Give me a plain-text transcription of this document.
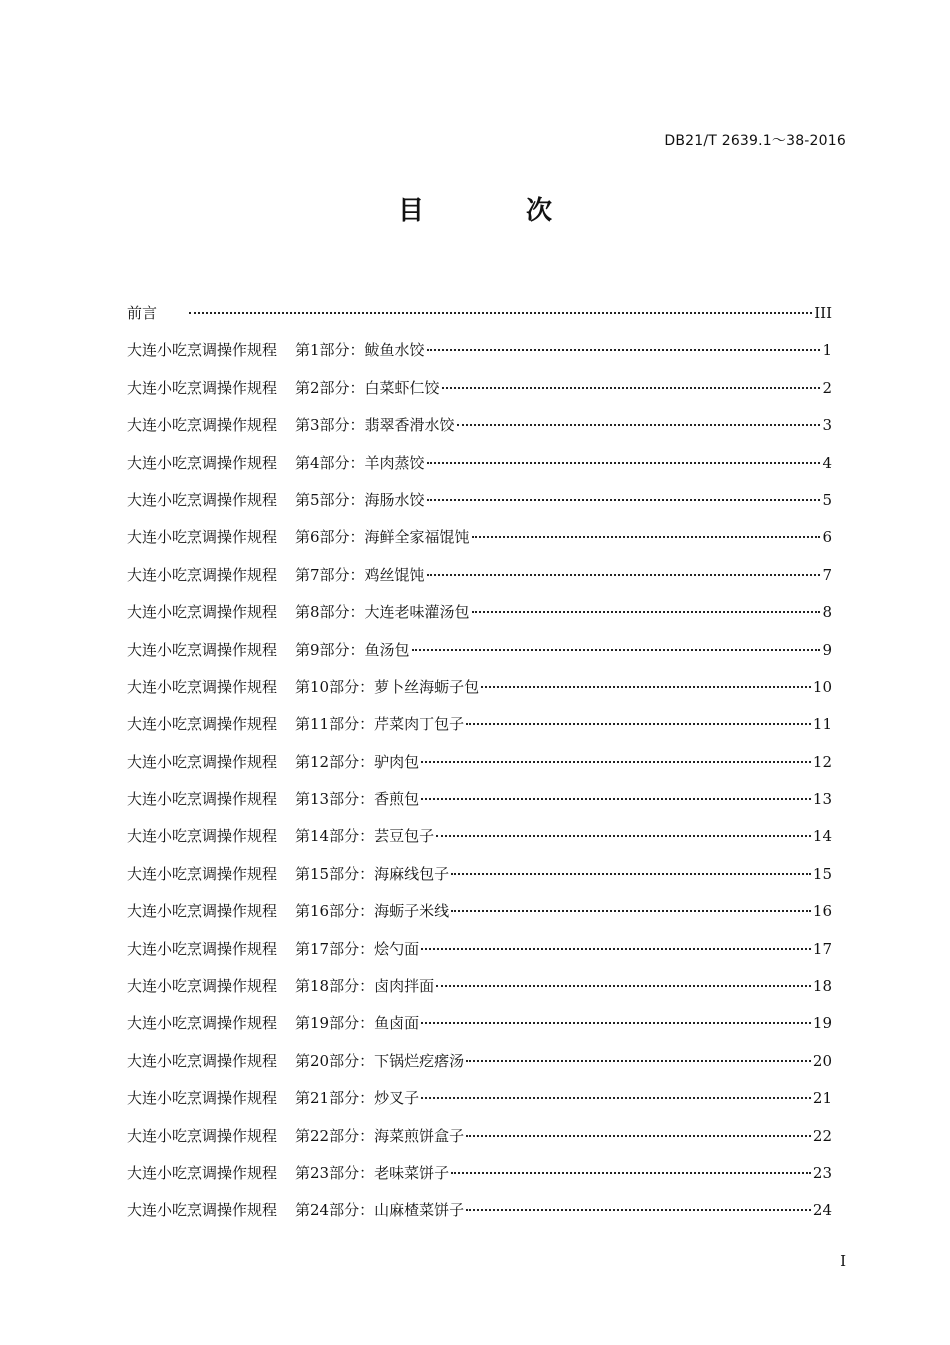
DB21/T 2639.1～38-2016
目　次
前言	III
大连小吃烹调操作规程 第1部分：鲅鱼水饺	1
大连小吃烹调操作规程 第2部分：白菜虾仁饺	2
大连小吃烹调操作规程 第3部分：翡翠香滑水饺	3
大连小吃烹调操作规程 第4部分：羊肉蒸饺	4
大连小吃烹调操作规程 第5部分：海肠水饺	5
大连小吃烹调操作规程 第6部分：海鲜全家福馄饨	6
大连小吃烹调操作规程 第7部分：鸡丝馄饨	7
大连小吃烹调操作规程 第8部分：大连老味灌汤包	8
大连小吃烹调操作规程 第9部分：鱼汤包	9
大连小吃烹调操作规程 第10部分：萝卜丝海蛎子包	10
大连小吃烹调操作规程 第11部分：芹菜肉丁包子	11
大连小吃烹调操作规程 第12部分：驴肉包	12
大连小吃烹调操作规程 第13部分：香煎包	13
大连小吃烹调操作规程 第14部分：芸豆包子	14
大连小吃烹调操作规程 第15部分：海麻线包子	15
大连小吃烹调操作规程 第16部分：海蛎子米线	16
大连小吃烹调操作规程 第17部分：烩勺面	17
大连小吃烹调操作规程 第18部分：卤肉拌面	18
大连小吃烹调操作规程 第19部分：鱼卤面	19
大连小吃烹调操作规程 第20部分：下锅烂疙瘩汤	20
大连小吃烹调操作规程 第21部分：炒叉子	21
大连小吃烹调操作规程 第22部分：海菜煎饼盒子	22
大连小吃烹调操作规程 第23部分：老味菜饼子	23
大连小吃烹调操作规程 第24部分：山麻楂菜饼子	24
I
